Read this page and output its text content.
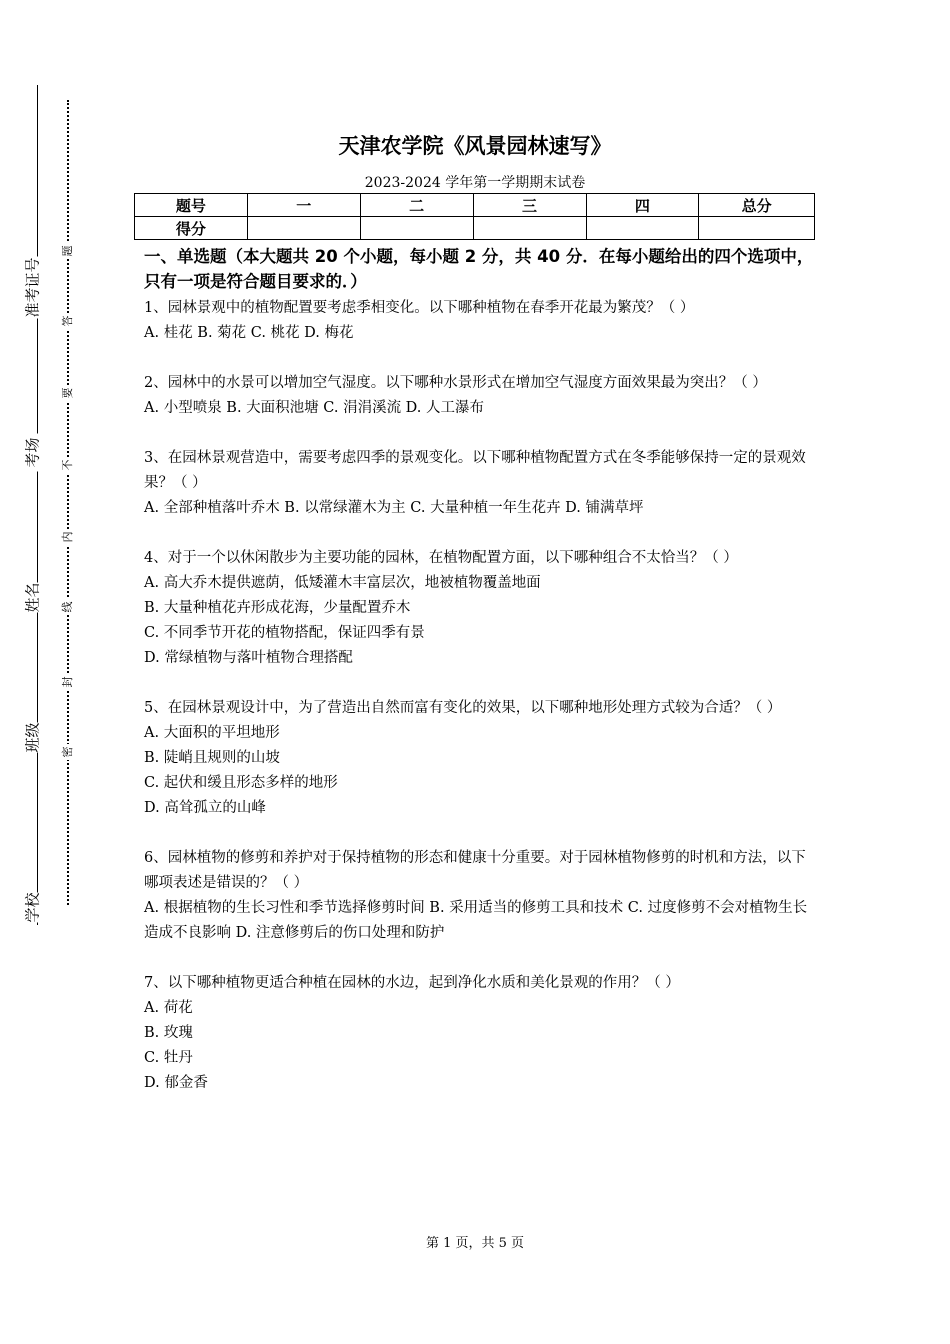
学校
班级
姓名
考场
准考证号
题
答
要
不
内
线
封
密
天津农学院《风景园林速写》
2023-2024 学年第一学期期末试卷
题号	一	二	三	四	总分
得分					
一、单选题（本大题共 20 个小题，每小题 2 分，共 40 分．在每小题给出的四个选项中，只有一项是符合题目要求的．）

1、园林景观中的植物配置要考虑季相变化。以下哪种植物在春季开花最为繁茂？（ ）

A. 桂花 B. 菊花 C. 桃花 D. 梅花

2、园林中的水景可以增加空气湿度。以下哪种水景形式在增加空气湿度方面效果最为突出？（ ）

A. 小型喷泉 B. 大面积池塘 C. 涓涓溪流 D. 人工瀑布

3、在园林景观营造中，需要考虑四季的景观变化。以下哪种植物配置方式在冬季能够保持一定的景观效果？（ ）

A. 全部种植落叶乔木 B. 以常绿灌木为主 C. 大量种植一年生花卉 D. 铺满草坪

4、对于一个以休闲散步为主要功能的园林，在植物配置方面，以下哪种组合不太恰当？（ ）

A. 高大乔木提供遮荫，低矮灌木丰富层次，地被植物覆盖地面

B. 大量种植花卉形成花海，少量配置乔木

C. 不同季节开花的植物搭配，保证四季有景

D. 常绿植物与落叶植物合理搭配

5、在园林景观设计中，为了营造出自然而富有变化的效果，以下哪种地形处理方式较为合适？（ ）

A. 大面积的平坦地形

B. 陡峭且规则的山坡

C. 起伏和缓且形态多样的地形

D. 高耸孤立的山峰

6、园林植物的修剪和养护对于保持植物的形态和健康十分重要。对于园林植物修剪的时机和方法，以下哪项表述是错误的？（ ）

A. 根据植物的生长习性和季节选择修剪时间 B. 采用适当的修剪工具和技术 C. 过度修剪不会对植物生长造成不良影响 D. 注意修剪后的伤口处理和防护

7、以下哪种植物更适合种植在园林的水边，起到净化水质和美化景观的作用？（ ）

A. 荷花

B. 玫瑰

C. 牡丹

D. 郁金香

第 1 页，共 5 页
